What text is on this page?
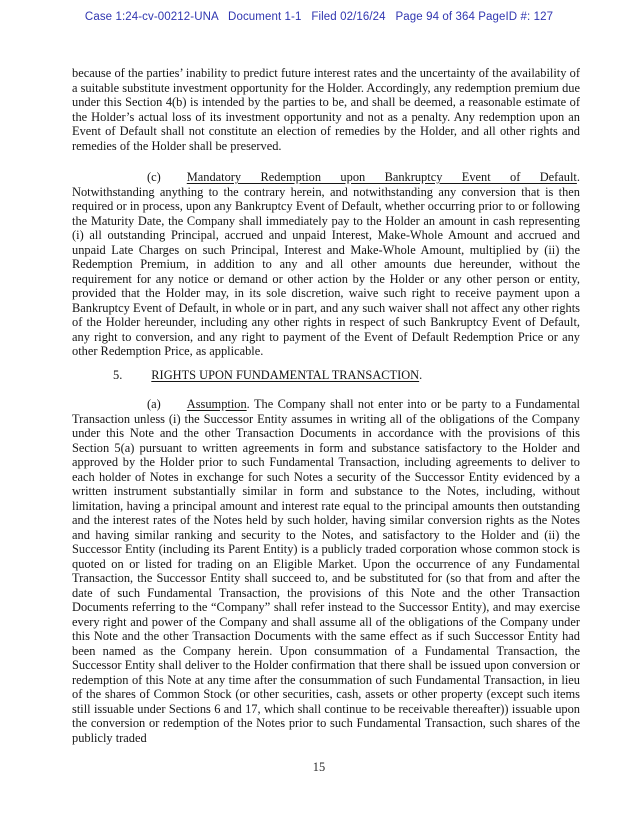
Case 1:24-cv-00212-UNA   Document 1-1   Filed 02/16/24   Page 94 of 364 PageID #: 127

because of the parties’ inability to predict future interest rates and the uncertainty of the availability of a suitable substitute investment opportunity for the Holder. Accordingly, any redemption premium due under this Section 4(b) is intended by the parties to be, and shall be deemed, a reasonable estimate of the Holder’s actual loss of its investment opportunity and not as a penalty. Any redemption upon an Event of Default shall not constitute an election of remedies by the Holder, and all other rights and remedies of the Holder shall be preserved.

(c) Mandatory Redemption upon Bankruptcy Event of Default.

Notwithstanding anything to the contrary herein, and notwithstanding any conversion that is then required or in process, upon any Bankruptcy Event of Default, whether occurring prior to or following the Maturity Date, the Company shall immediately pay to the Holder an amount in cash representing (i) all outstanding Principal, accrued and unpaid Interest, Make-Whole Amount and accrued and unpaid Late Charges on such Principal, Interest and Make-Whole Amount, multiplied by (ii) the Redemption Premium, in addition to any and all other amounts due hereunder, without the requirement for any notice or demand or other action by the Holder or any other person or entity, provided that the Holder may, in its sole discretion, waive such right to receive payment upon a Bankruptcy Event of Default, in whole or in part, and any such waiver shall not affect any other rights of the Holder hereunder, including any other rights in respect of such Bankruptcy Event of Default, any right to conversion, and any right to payment of the Event of Default Redemption Price or any other Redemption Price, as applicable.

5. RIGHTS UPON FUNDAMENTAL TRANSACTION.

(a) Assumption. The Company shall not enter into or be party to a Fundamental Transaction unless (i) the Successor Entity assumes in writing all of the obligations of the Company under this Note and the other Transaction Documents in accordance with the provisions of this Section 5(a) pursuant to written agreements in form and substance satisfactory to the Holder and approved by the Holder prior to such Fundamental Transaction, including agreements to deliver to each holder of Notes in exchange for such Notes a security of the Successor Entity evidenced by a written instrument substantially similar in form and substance to the Notes, including, without limitation, having a principal amount and interest rate equal to the principal amounts then outstanding and the interest rates of the Notes held by such holder, having similar conversion rights as the Notes and having similar ranking and security to the Notes, and satisfactory to the Holder and (ii) the Successor Entity (including its Parent Entity) is a publicly traded corporation whose common stock is quoted on or listed for trading on an Eligible Market. Upon the occurrence of any Fundamental Transaction, the Successor Entity shall succeed to, and be substituted for (so that from and after the date of such Fundamental Transaction, the provisions of this Note and the other Transaction Documents referring to the “Company” shall refer instead to the Successor Entity), and may exercise every right and power of the Company and shall assume all of the obligations of the Company under this Note and the other Transaction Documents with the same effect as if such Successor Entity had been named as the Company herein. Upon consummation of a Fundamental Transaction, the Successor Entity shall deliver to the Holder confirmation that there shall be issued upon conversion or redemption of this Note at any time after the consummation of such Fundamental Transaction, in lieu of the shares of Common Stock (or other securities, cash, assets or other property (except such items still issuable under Sections 6 and 17, which shall continue to be receivable thereafter)) issuable upon the conversion or redemption of the Notes prior to such Fundamental Transaction, such shares of the publicly traded

15
